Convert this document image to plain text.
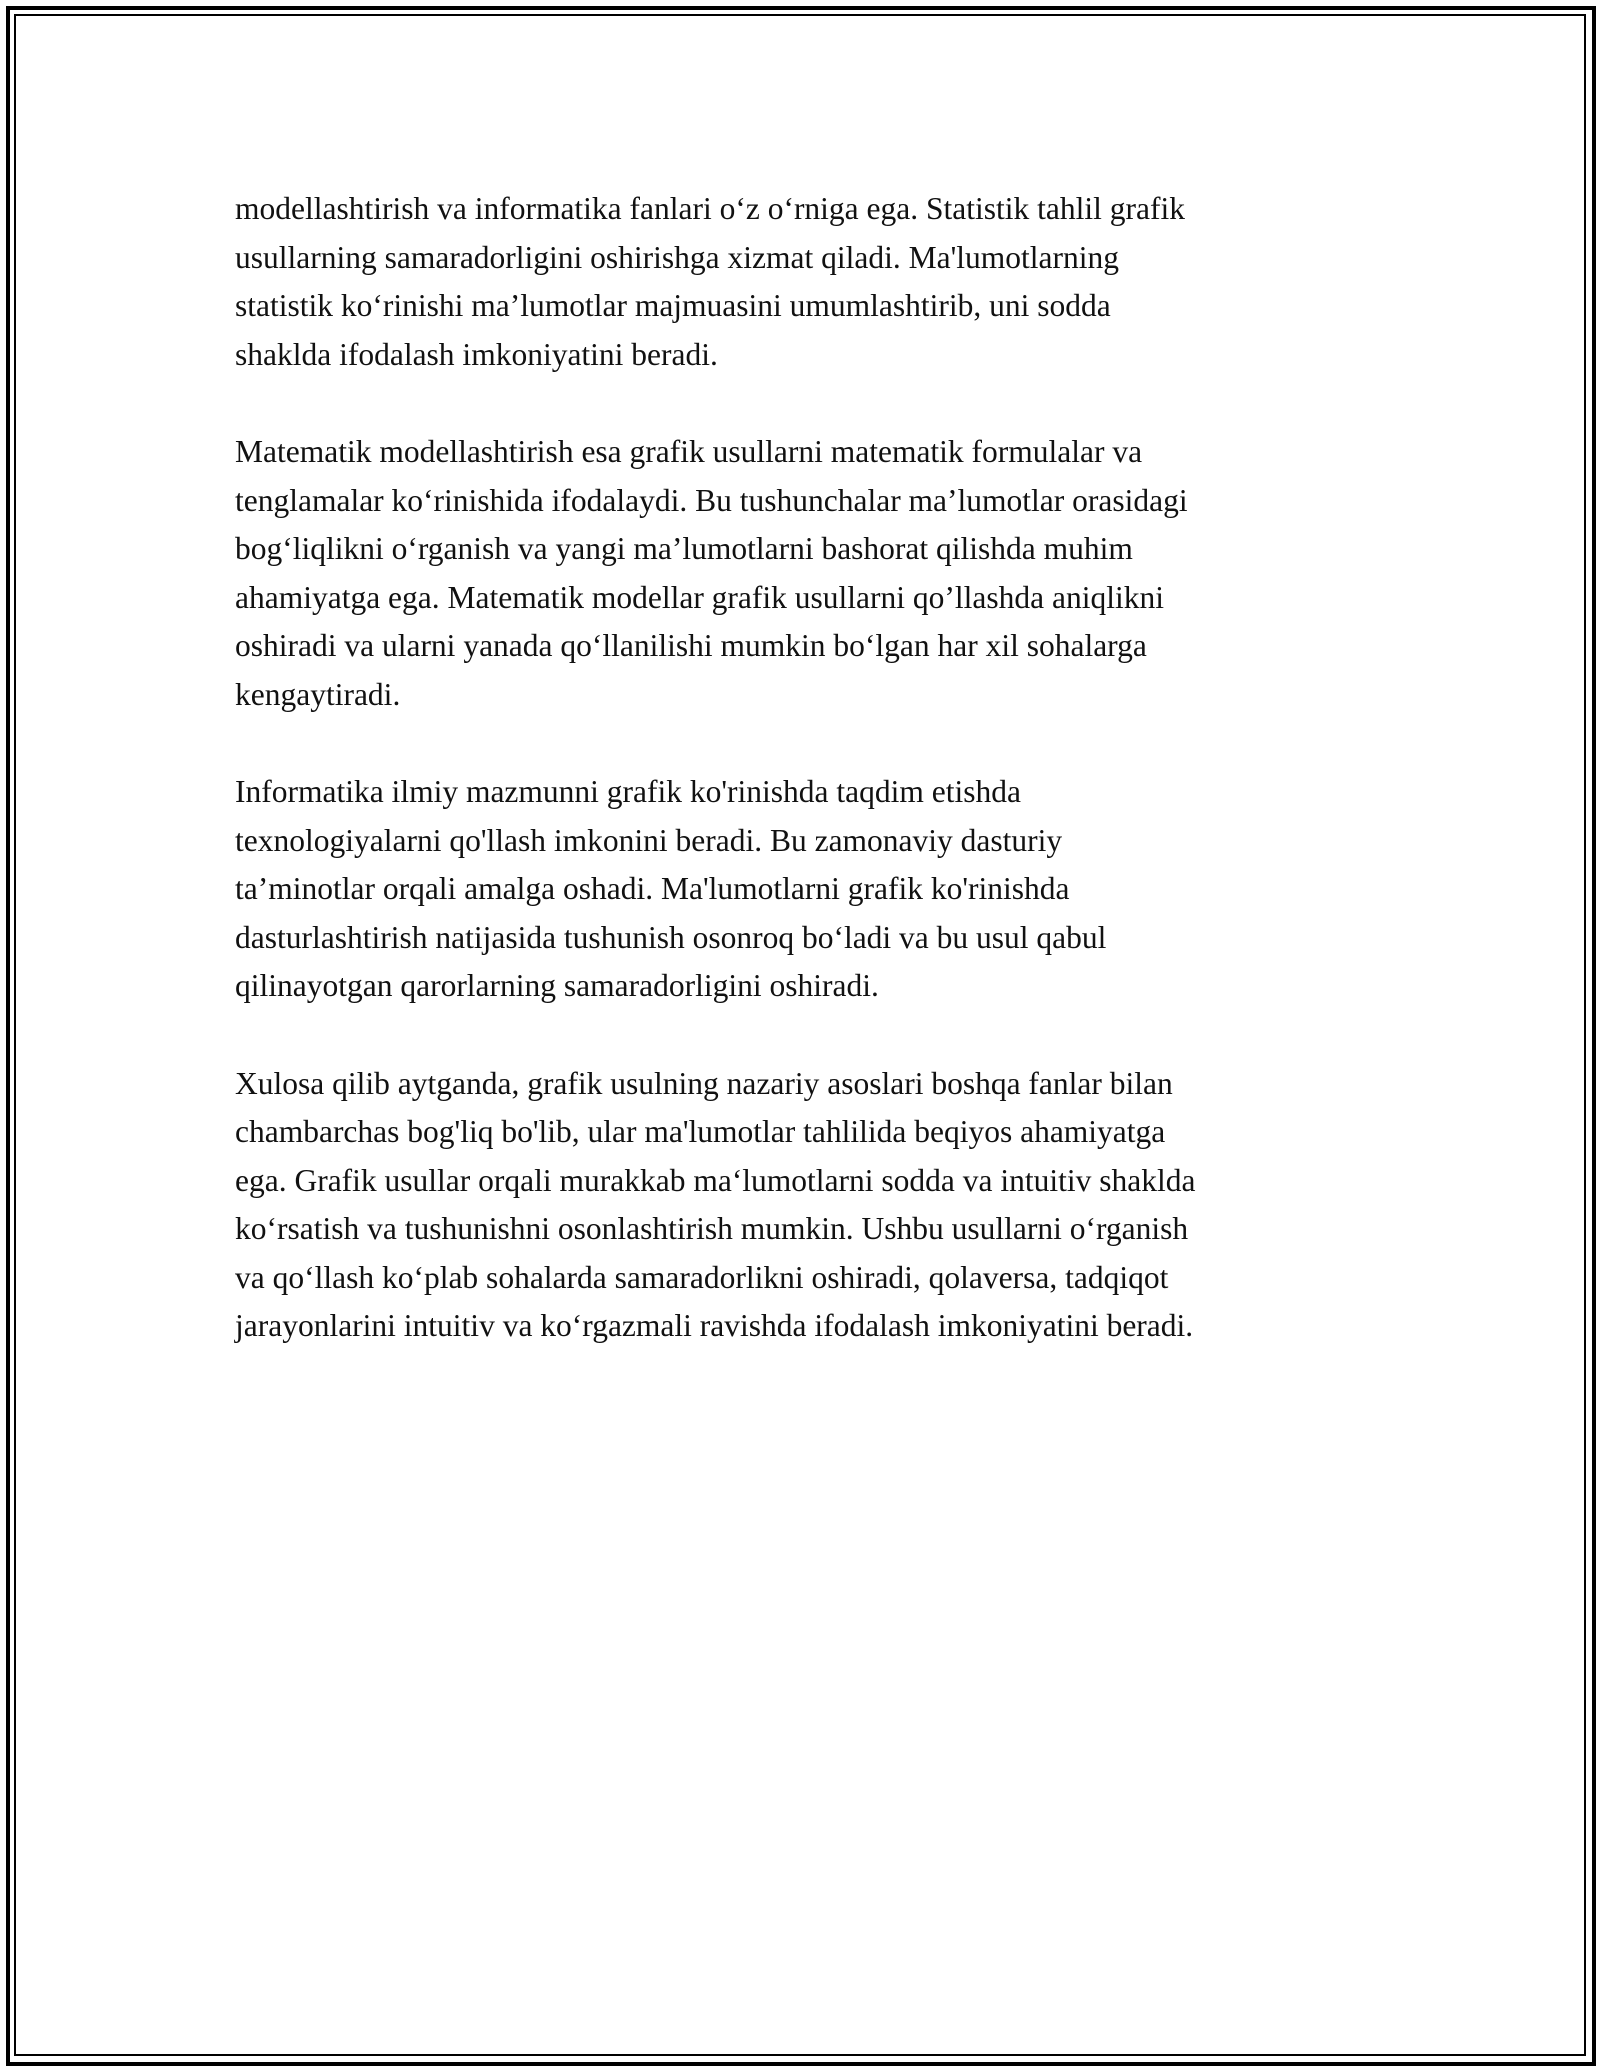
modellashtirish va informatika fanlari o‘z o‘rniga ega. Statistik tahlil grafik
usullarning samaradorligini oshirishga xizmat qiladi. Ma'lumotlarning
statistik ko‘rinishi ma’lumotlar majmuasini umumlashtirib, uni sodda
shaklda ifodalash imkoniyatini beradi.

Matematik modellashtirish esa grafik usullarni matematik formulalar va
tenglamalar ko‘rinishida ifodalaydi. Bu tushunchalar ma’lumotlar orasidagi
bog‘liqlikni o‘rganish va yangi ma’lumotlarni bashorat qilishda muhim
ahamiyatga ega. Matematik modellar grafik usullarni qo’llashda aniqlikni
oshiradi va ularni yanada qo‘llanilishi mumkin bo‘lgan har xil sohalarga
kengaytiradi.

Informatika ilmiy mazmunni grafik ko'rinishda taqdim etishda
texnologiyalarni qo'llash imkonini beradi. Bu zamonaviy dasturiy
ta’minotlar orqali amalga oshadi. Ma'lumotlarni grafik ko'rinishda
dasturlashtirish natijasida tushunish osonroq bo‘ladi va bu usul qabul
qilinayotgan qarorlarning samaradorligini oshiradi.

Xulosa qilib aytganda, grafik usulning nazariy asoslari boshqa fanlar bilan
chambarchas bog'liq bo'lib, ular ma'lumotlar tahlilida beqiyos ahamiyatga
ega. Grafik usullar orqali murakkab ma‘lumotlarni sodda va intuitiv shaklda
ko‘rsatish va tushunishni osonlashtirish mumkin. Ushbu usullarni o‘rganish
va qo‘llash ko‘plab sohalarda samaradorlikni oshiradi, qolaversa, tadqiqot
jarayonlarini intuitiv va ko‘rgazmali ravishda ifodalash imkoniyatini beradi.
